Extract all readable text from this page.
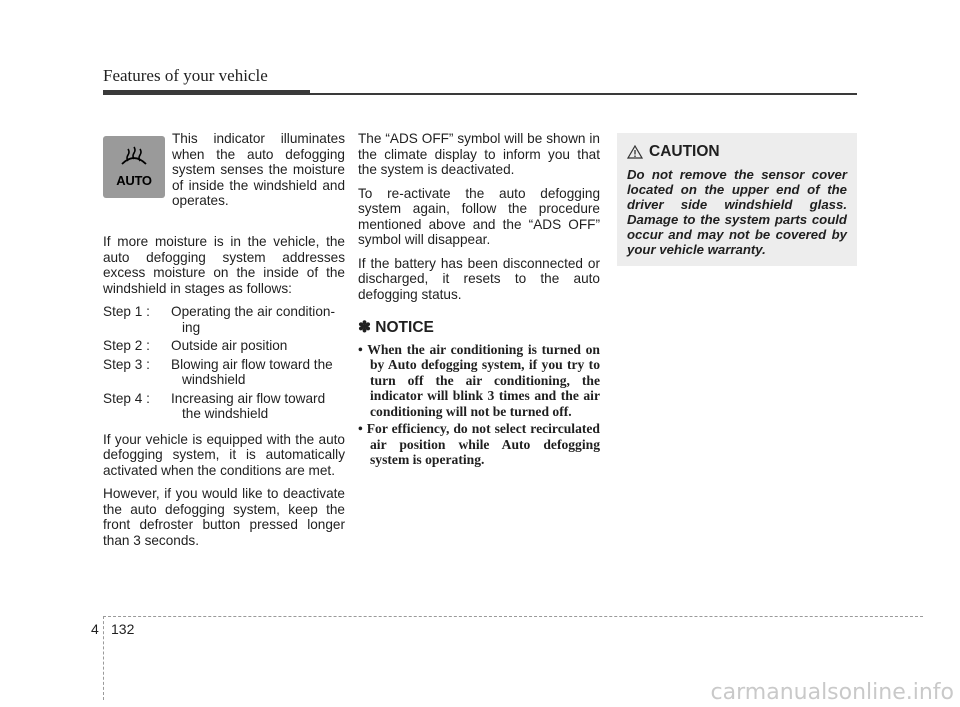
Features of your vehicle
AUTO
This indicator illuminates when the auto defogging system senses the moisture of inside the windshield and operates.

If more moisture is in the vehicle, the auto defogging system addresses excess moisture on the inside of the windshield in stages as follows:

Step 1 :	Operating the air condition-
ing
Step 2 :	Outside air position
Step 3 :	Blowing air flow toward the
windshield
Step 4 :	Increasing air flow toward
the windshield

If your vehicle is equipped with the auto defogging system, it is automatically activated when the conditions are met.

However, if you would like to deactivate the auto defogging system, keep the front defroster button pressed longer than 3 seconds.

The “ADS OFF” symbol will be shown in the climate display to inform you that the system is deactivated.

To re-activate the auto defogging system again, follow the procedure mentioned above and the “ADS OFF” symbol will disappear.

If the battery has been disconnected or discharged, it resets to the auto defogging status.

✽ NOTICE
• When the air conditioning is turned on by Auto defogging system, if you try to turn off the air conditioning, the indicator will blink 3 times and the air conditioning will not be turned off.
• For efficiency, do not select recirculated air position while Auto defogging system is operating.
CAUTION
Do not remove the sensor cover located on the upper end of the driver side windshield glass. Damage to the system parts could occur and may not be covered by your vehicle warranty.
4 132
carmanualsonline.info
